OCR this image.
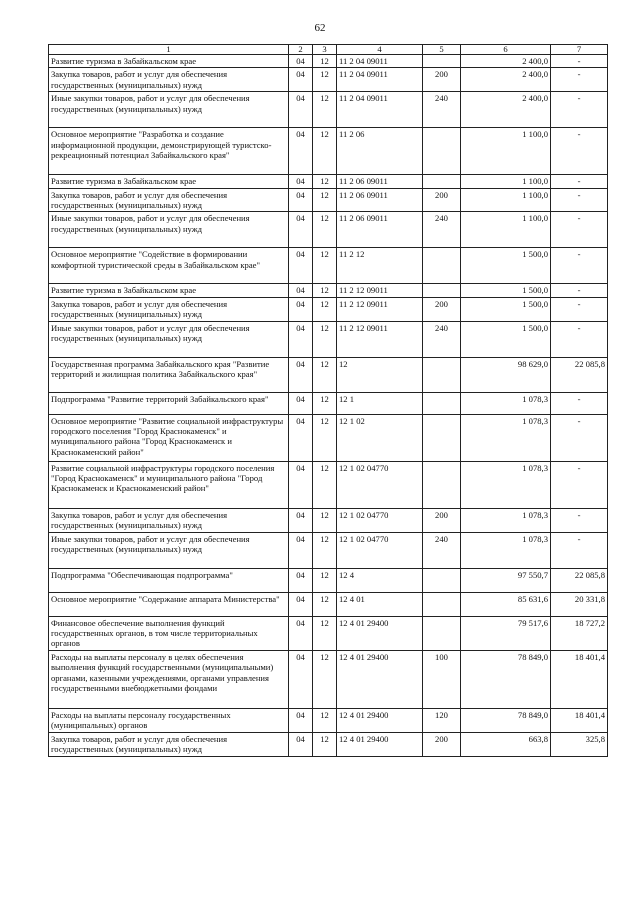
62
1	2	3	4	5	6	7
Развитие туризма в Забайкальском крае	04	12	11 2 04 09011		2 400,0	-
Закупка товаров, работ и услуг для обеспечения государственных (муниципальных) нужд	04	12	11 2 04 09011	200	2 400,0	-
Иные закупки товаров, работ и услуг для обеспечения государственных (муниципальных) нужд	04	12	11 2 04 09011	240	2 400,0	-
Основное мероприятие "Разработка и создание информационной продукции, демонстрирующей туристско-рекреационный потенциал Забайкальского края"	04	12	11 2 06		1 100,0	-
Развитие туризма в Забайкальском крае	04	12	11 2 06 09011		1 100,0	-
Закупка товаров, работ и услуг для обеспечения государственных (муниципальных) нужд	04	12	11 2 06 09011	200	1 100,0	-
Иные закупки товаров, работ и услуг для обеспечения государственных (муниципальных) нужд	04	12	11 2 06 09011	240	1 100,0	-
Основное мероприятие "Содействие в формировании комфортной туристической среды в Забайкальском крае"	04	12	11 2 12		1 500,0	-
Развитие туризма в Забайкальском крае	04	12	11 2 12 09011		1 500,0	-
Закупка товаров, работ и услуг для обеспечения государственных (муниципальных) нужд	04	12	11 2 12 09011	200	1 500,0	-
Иные закупки товаров, работ и услуг для обеспечения государственных (муниципальных) нужд	04	12	11 2 12 09011	240	1 500,0	-
Государственная программа Забайкальского края "Развитие территорий и жилищная политика Забайкальского края"	04	12	12		98 629,0	22 085,8
Подпрограмма "Развитие территорий Забайкальского края"	04	12	12 1		1 078,3	-
Основное мероприятие "Развитие социальной инфраструктуры городского поселения "Город Краснокаменск" и муниципального района "Город Краснокаменск и Краснокаменский район"	04	12	12 1 02		1 078,3	-
Развитие социальной инфраструктуры городского поселения "Город Краснокаменск" и муниципального района "Город Краснокаменск и Краснокаменский район"	04	12	12 1 02 04770		1 078,3	-
Закупка товаров, работ и услуг для обеспечения государственных (муниципальных) нужд	04	12	12 1 02 04770	200	1 078,3	-
Иные закупки товаров, работ и услуг для обеспечения государственных (муниципальных) нужд	04	12	12 1 02 04770	240	1 078,3	-
Подпрограмма "Обеспечивающая подпрограмма"	04	12	12 4		97 550,7	22 085,8
Основное мероприятие "Содержание аппарата Министерства"	04	12	12 4 01		85 631,6	20 331,8
Финансовое обеспечение выполнения функций государственных органов, в том числе территориальных органов	04	12	12 4 01 29400		79 517,6	18 727,2
Расходы на выплаты персоналу в целях обеспечения выполнения функций государственными (муниципальными) органами, казенными учреждениями, органами управления государственными внебюджетными фондами	04	12	12 4 01 29400	100	78 849,0	18 401,4
Расходы на выплаты персоналу государственных (муниципальных) органов	04	12	12 4 01 29400	120	78 849,0	18 401,4
Закупка товаров, работ и услуг для обеспечения государственных (муниципальных) нужд	04	12	12 4 01 29400	200	663,8	325,8
